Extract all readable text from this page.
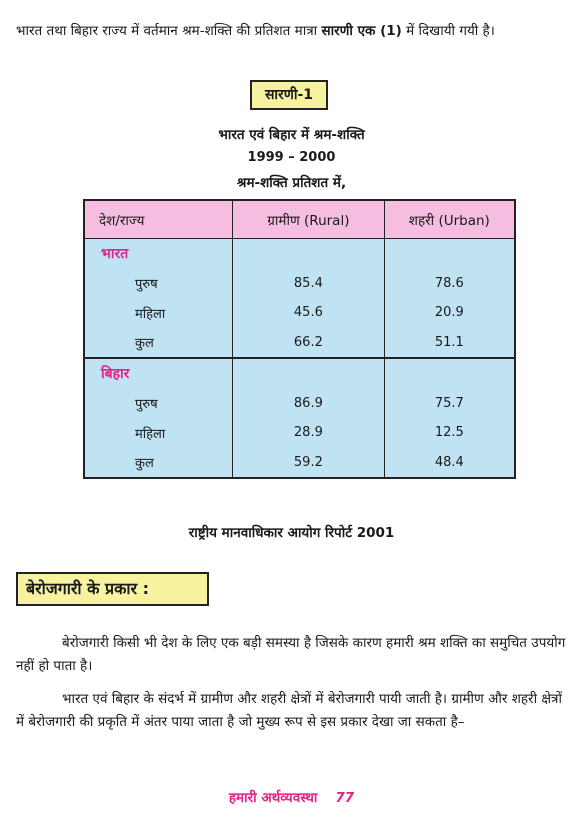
भारत तथा बिहार राज्य में वर्तमान श्रम-शक्ति की प्रतिशत मात्रा सारणी एक (1) में दिखायी गयी है।

सारणी-1

भारत एवं बिहार में श्रम-शक्ति

1999 – 2000

श्रम-शक्ति प्रतिशत में,

देश/राज्य	ग्रामीण (Rural)	शहरी (Urban)
भारत		
पुरुष	85.4	78.6
महिला	45.6	20.9
कुल	66.2	51.1
बिहार		
पुरुष	86.9	75.7
महिला	28.9	12.5
कुल	59.2	48.4

राष्ट्रीय मानवाधिकार आयोग रिपोर्ट 2001

बेरोजगारी के प्रकार :

बेरोजगारी किसी भी देश के लिए एक बड़ी समस्या है जिसके कारण हमारी श्रम शक्ति का समुचित उपयोग नहीं हो पाता है।

भारत एवं बिहार के संदर्भ में ग्रामीण और शहरी क्षेत्रों में बेरोजगारी पायी जाती है। ग्रामीण और शहरी क्षेत्रों में बेरोजगारी की प्रकृति में अंतर पाया जाता है जो मुख्य रूप से इस प्रकार देखा जा सकता है–

हमारी अर्थव्यवस्था 77
